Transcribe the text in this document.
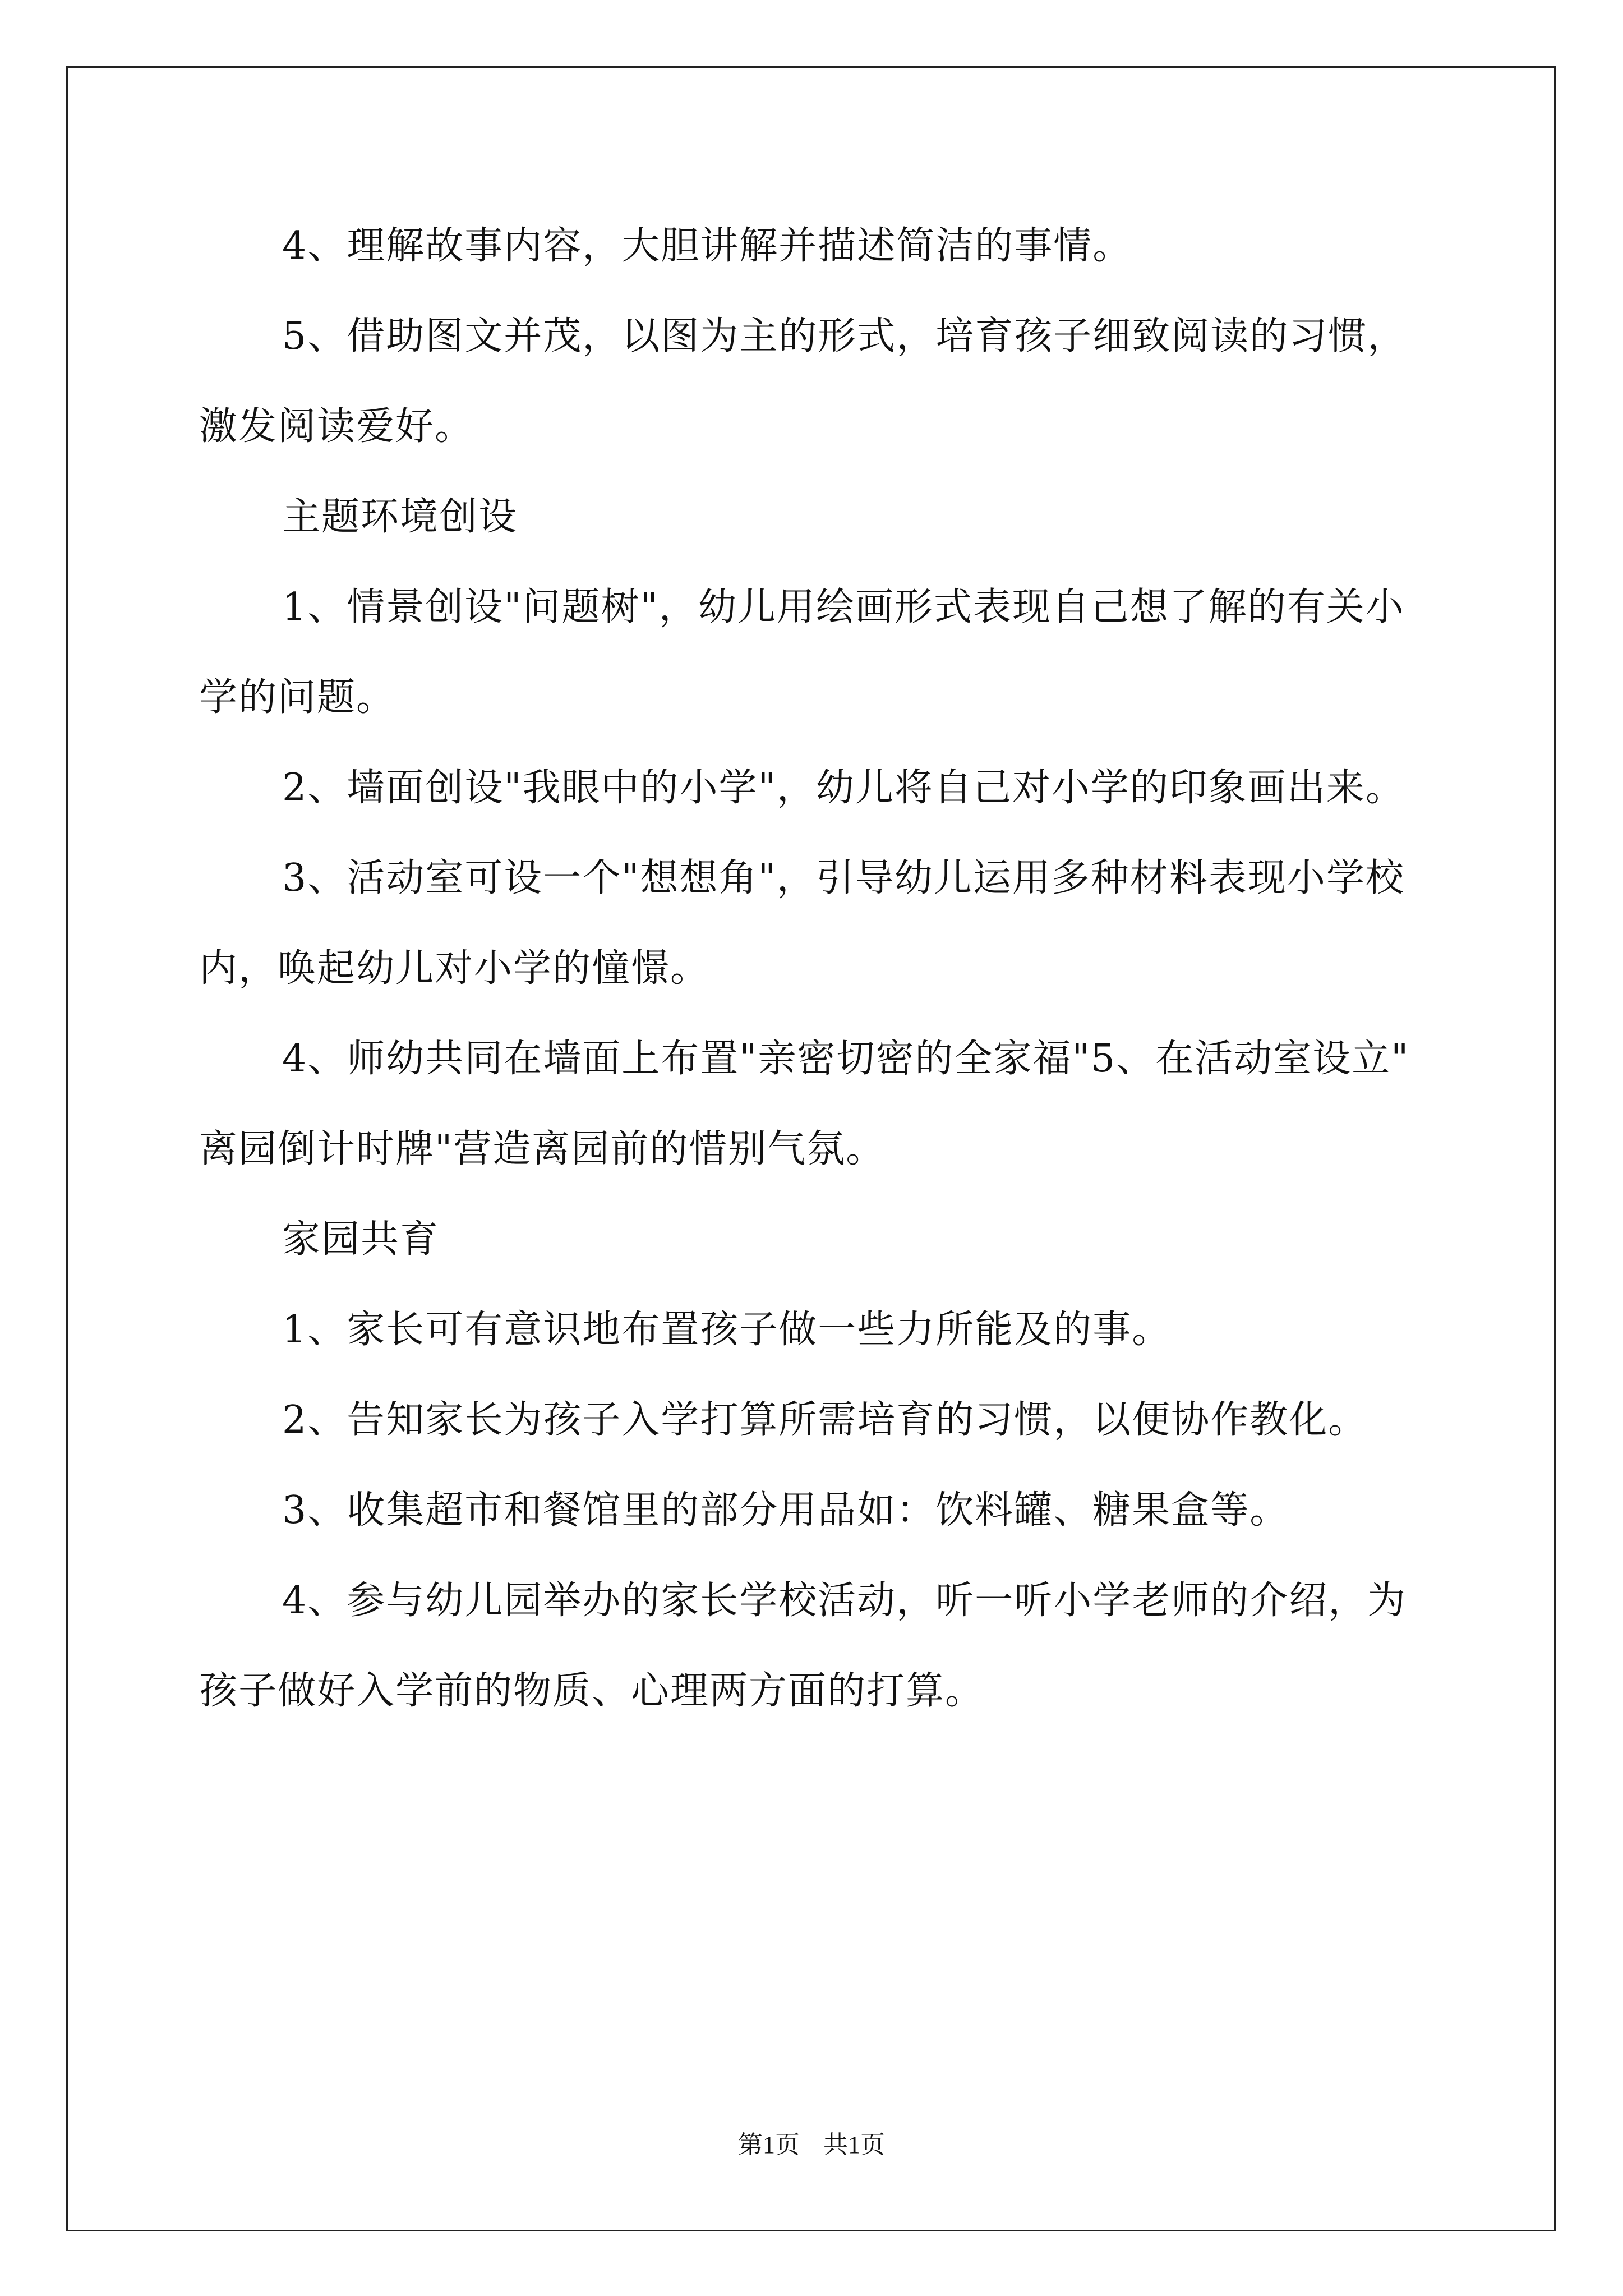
4、理解故事内容，大胆讲解并描述简洁的事情。
5、借助图文并茂，以图为主的形式，培育孩子细致阅读的习惯，
激发阅读爱好。
主题环境创设
1、情景创设"问题树"，幼儿用绘画形式表现自己想了解的有关小
学的问题。
2、墙面创设"我眼中的小学"，幼儿将自己对小学的印象画出来。
3、活动室可设一个"想想角"，引导幼儿运用多种材料表现小学校
内，唤起幼儿对小学的憧憬。
4、师幼共同在墙面上布置"亲密切密的全家福"5、在活动室设立"
离园倒计时牌"营造离园前的惜别气氛。
家园共育
1、家长可有意识地布置孩子做一些力所能及的事。
2、告知家长为孩子入学打算所需培育的习惯，以便协作教化。
3、收集超市和餐馆里的部分用品如：饮料罐、糖果盒等。
4、参与幼儿园举办的家长学校活动，听一听小学老师的介绍，为
孩子做好入学前的物质、心理两方面的打算。
第1页 共1页
